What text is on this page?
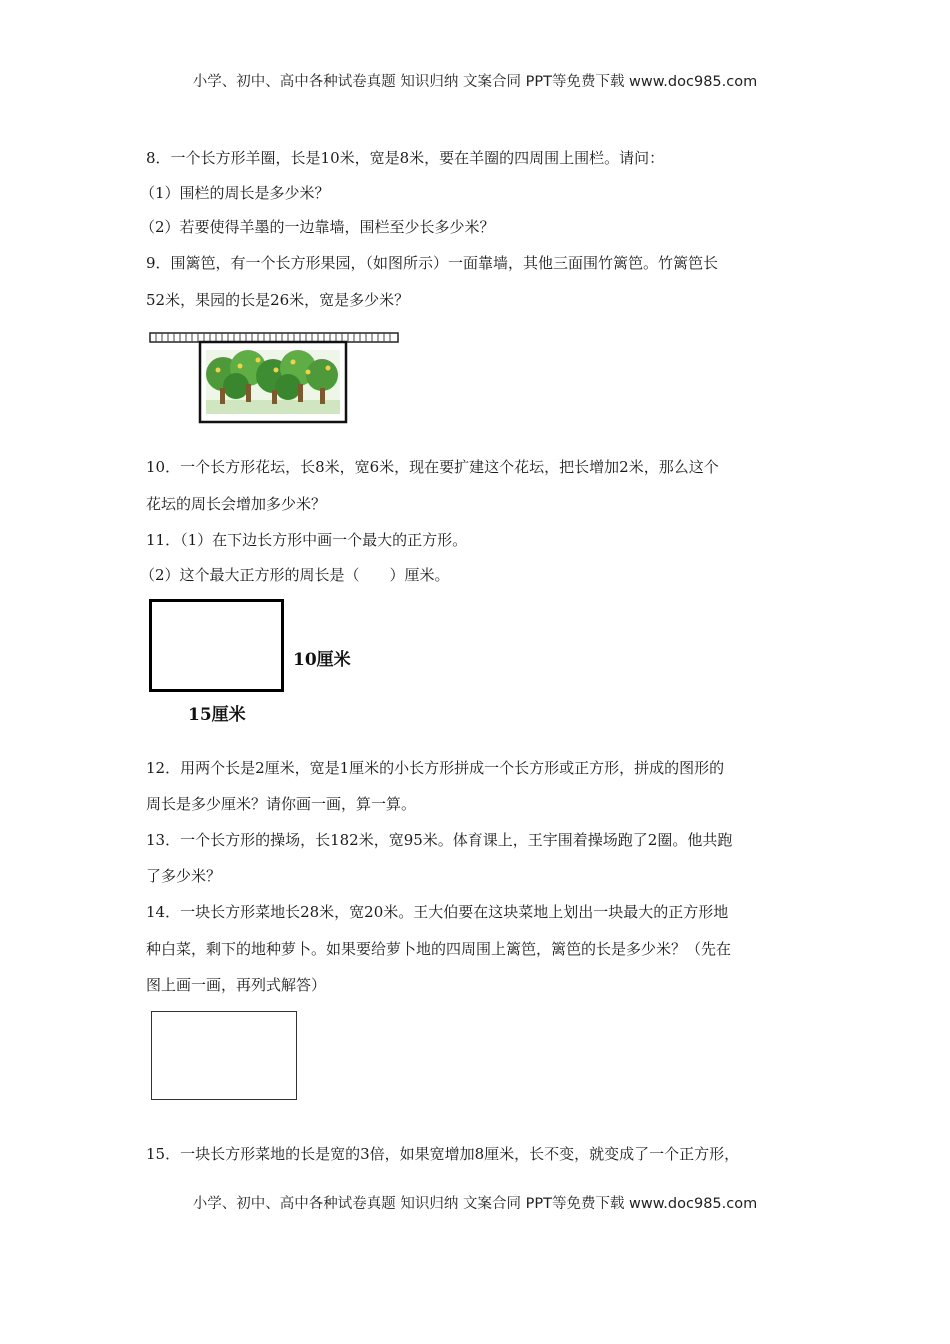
小学、初中、高中各种试卷真题 知识归纳 文案合同 PPT等免费下载 www.doc985.com
8．一个长方形羊圈，长是10米，宽是8米，要在羊圈的四周围上围栏。请问：
（1）围栏的周长是多少米？
（2）若要使得羊墨的一边靠墙，围栏至少长多少米？
9．围篱笆，有一个长方形果园，（如图所示）一面靠墙，其他三面围竹篱笆。竹篱笆长
52米，果园的长是26米，宽是多少米？
10．一个长方形花坛，长8米，宽6米，现在要扩建这个花坛，把长增加2米，那么这个
花坛的周长会增加多少米？
11．（1）在下边长方形中画一个最大的正方形。
（2）这个最大正方形的周长是（　　）厘米。
10厘米
15厘米
12．用两个长是2厘米，宽是1厘米的小长方形拼成一个长方形或正方形，拼成的图形的
周长是多少厘米？请你画一画，算一算。
13．一个长方形的操场，长182米，宽95米。体育课上，王宇围着操场跑了2圈。他共跑
了多少米？
14．一块长方形菜地长28米，宽20米。王大伯要在这块菜地上划出一块最大的正方形地
种白菜，剩下的地种萝卜。如果要给萝卜地的四周围上篱笆，篱笆的长是多少米？（先在
图上画一画，再列式解答）
15．一块长方形菜地的长是宽的3倍，如果宽增加8厘米，长不变，就变成了一个正方形，
小学、初中、高中各种试卷真题 知识归纳 文案合同 PPT等免费下载 www.doc985.com
